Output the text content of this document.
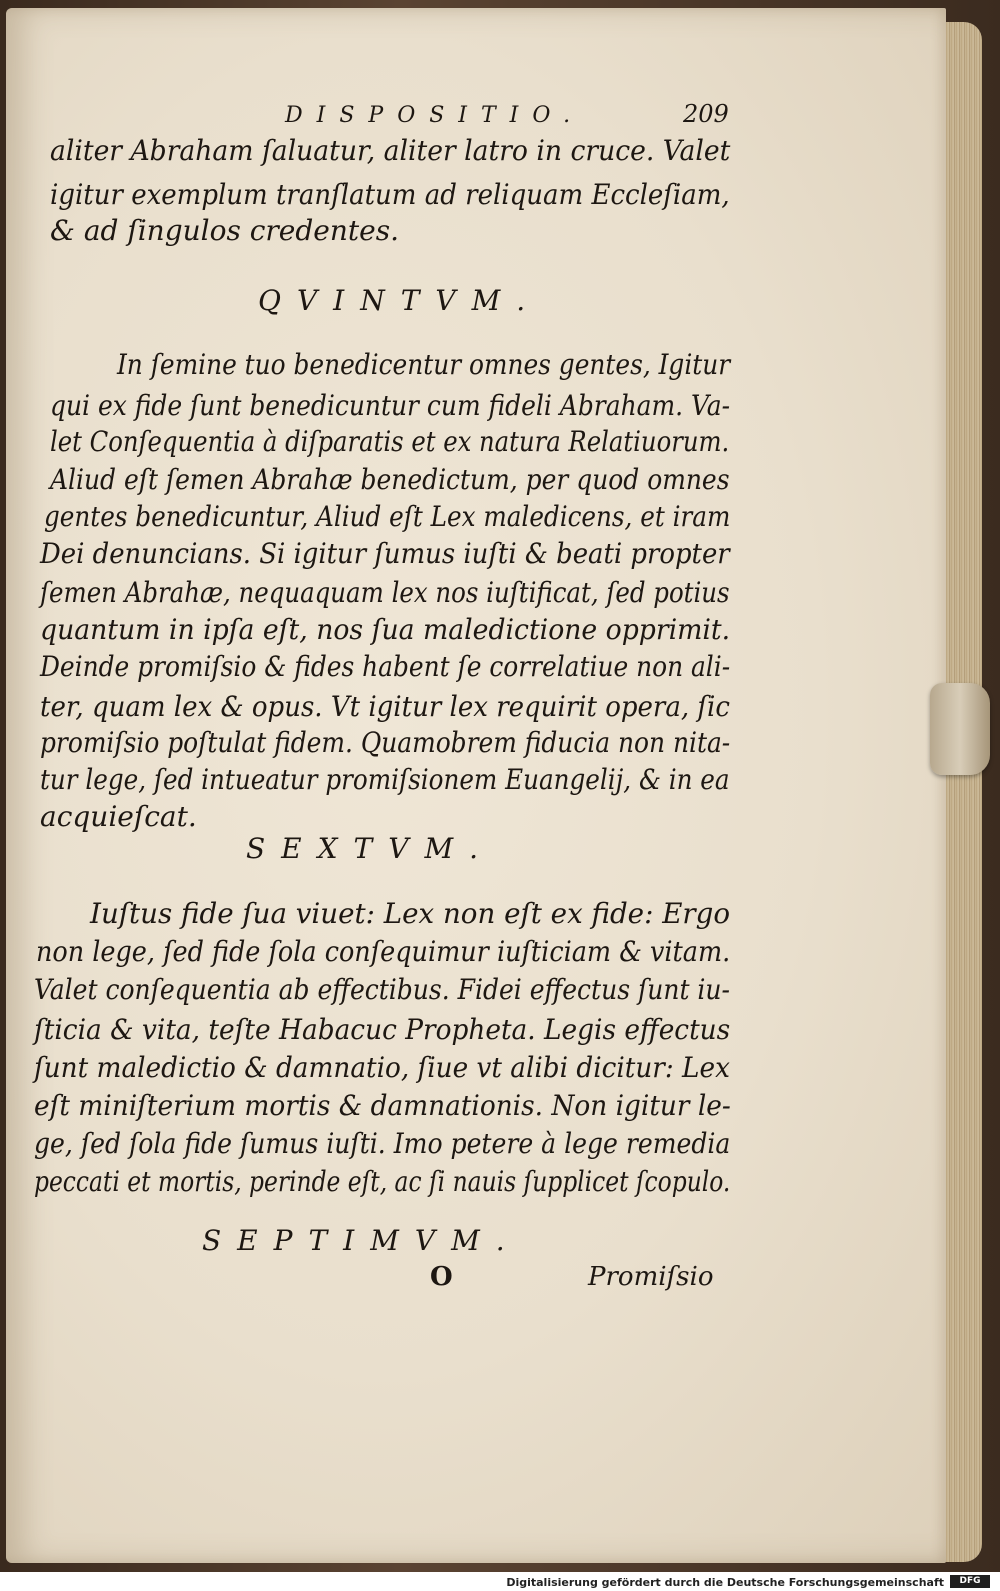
DISPOSITIO.	209
aliter Abraham ſaluatur, aliter latro in cruce. Valet
igitur exemplum tranſlatum ad reliquam Eccleſiam,
& ad ſingulos credentes.
QVINTVM.
In ſemine tuo benedicentur omnes gentes, Igitur
qui ex fide ſunt benedicuntur cum fideli Abraham. Va-
let Conſequentia à diſparatis et ex natura Relatiuorum.
Aliud eſt ſemen Abrahæ benedictum, per quod omnes
gentes benedicuntur, Aliud eſt Lex maledicens, et iram
Dei denuncians. Si igitur ſumus iuſti & beati propter
ſemen Abrahæ, nequaquam lex nos iuſtificat, ſed potius
quantum in ipſa eſt, nos ſua maledictione opprimit.
Deinde promiſsio & fides habent ſe correlatiue non ali-
ter, quam lex & opus. Vt igitur lex requirit opera, ſic
promiſsio poſtulat fidem. Quamobrem fiducia non nita-
tur lege, ſed intueatur promiſsionem Euangelij, & in ea
acquieſcat.
SEXTVM.
Iuſtus fide ſua viuet: Lex non eſt ex fide: Ergo
non lege, ſed fide ſola conſequimur iuſticiam & vitam.
Valet conſequentia ab effectibus. Fidei effectus ſunt iu-
ſticia & vita, teſte Habacuc Propheta. Legis effectus
ſunt maledictio & damnatio, ſiue vt alibi dicitur: Lex
eſt miniſterium mortis & damnationis. Non igitur le-
ge, ſed ſola fide ſumus iuſti. Imo petere à lege remedia
peccati et mortis, perinde eſt, ac ſi nauis ſupplicet ſcopulo.
SEPTIMVM.
O	Promiſsio
Digitalisierung gefördert durch die Deutsche Forschungsgemeinschaft	DFG
